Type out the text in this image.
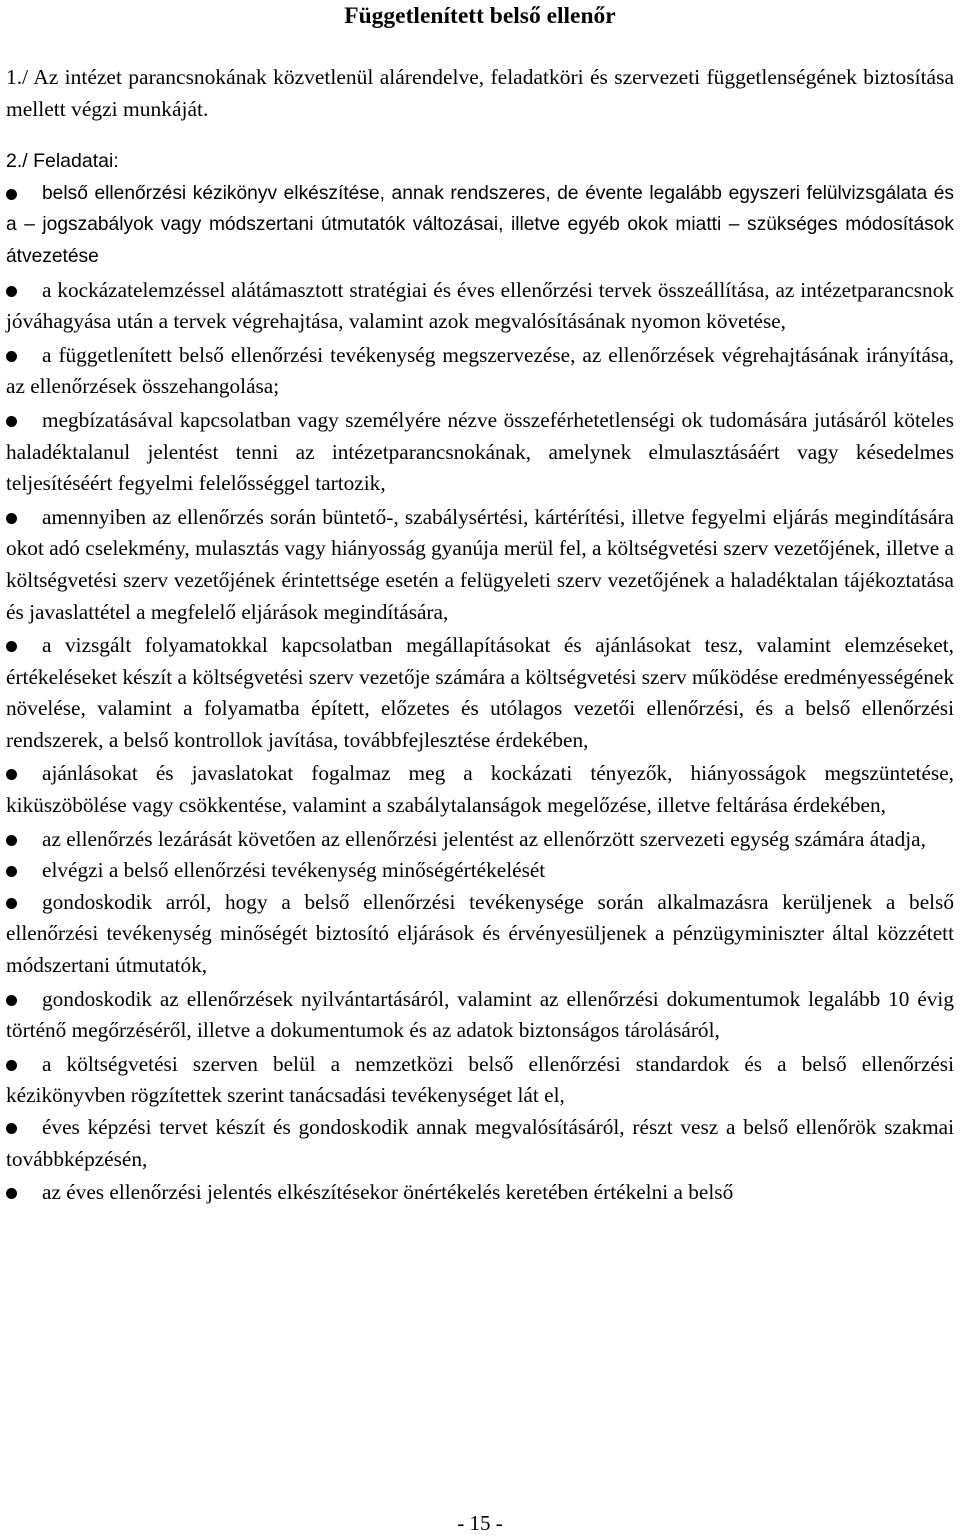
Függetlenített belső ellenőr

1./ Az intézet parancsnokának közvetlenül alárendelve, feladatköri és szervezeti függetlenségének biztosítása mellett végzi munkáját.

2./ Feladatai:

belső ellenőrzési kézikönyv elkészítése, annak rendszeres, de évente legalább egyszeri felülvizsgálata és a – jogszabályok vagy módszertani útmutatók változásai, illetve egyéb okok miatti – szükséges módosítások átvezetése
a kockázatelemzéssel alátámasztott stratégiai és éves ellenőrzési tervek összeállítása, az intézetparancsnok jóváhagyása után a tervek végrehajtása, valamint azok megvalósításának nyomon követése,
a függetlenített belső ellenőrzési tevékenység megszervezése, az ellenőrzések végrehajtásának irányítása, az ellenőrzések összehangolása;
megbízatásával kapcsolatban vagy személyére nézve összeférhetetlenségi ok tudomására jutásáról köteles haladéktalanul jelentést tenni az intézetparancsnokának, amelynek elmulasztásáért vagy késedelmes teljesítéséért fegyelmi felelősséggel tartozik,
amennyiben az ellenőrzés során büntető-, szabálysértési, kártérítési, illetve fegyelmi eljárás megindítására okot adó cselekmény, mulasztás vagy hiányosság gyanúja merül fel, a költségvetési szerv vezetőjének, illetve a költségvetési szerv vezetőjének érintettsége esetén a felügyeleti szerv vezetőjének a haladéktalan tájékoztatása és javaslattétel a megfelelő eljárások megindítására,
a vizsgált folyamatokkal kapcsolatban megállapításokat és ajánlásokat tesz, valamint elemzéseket, értékeléseket készít a költségvetési szerv vezetője számára a költségvetési szerv működése eredményességének növelése, valamint a folyamatba épített, előzetes és utólagos vezetői ellenőrzési, és a belső ellenőrzési rendszerek, a belső kontrollok javítása, továbbfejlesztése érdekében,
ajánlásokat és javaslatokat fogalmaz meg a kockázati tényezők, hiányosságok megszüntetése, kiküszöbölése vagy csökkentése, valamint a szabálytalanságok megelőzése, illetve feltárása érdekében,
az ellenőrzés lezárását követően az ellenőrzési jelentést az ellenőrzött szervezeti egység számára átadja,
elvégzi a belső ellenőrzési tevékenység minőségértékelését
gondoskodik arról, hogy a belső ellenőrzési tevékenysége során alkalmazásra kerüljenek a belső ellenőrzési tevékenység minőségét biztosító eljárások és érvényesüljenek a pénzügyminiszter által közzétett módszertani útmutatók,
gondoskodik az ellenőrzések nyilvántartásáról, valamint az ellenőrzési dokumentumok legalább 10 évig történő megőrzéséről, illetve a dokumentumok és az adatok biztonságos tárolásáról,
a költségvetési szerven belül a nemzetközi belső ellenőrzési standardok és a belső ellenőrzési kézikönyvben rögzítettek szerint tanácsadási tevékenységet lát el,
éves képzési tervet készít és gondoskodik annak megvalósításáról, részt vesz a belső ellenőrök szakmai továbbképzésén,
az éves ellenőrzési jelentés elkészítésekor önértékelés keretében értékelni a belső
- 15 -
